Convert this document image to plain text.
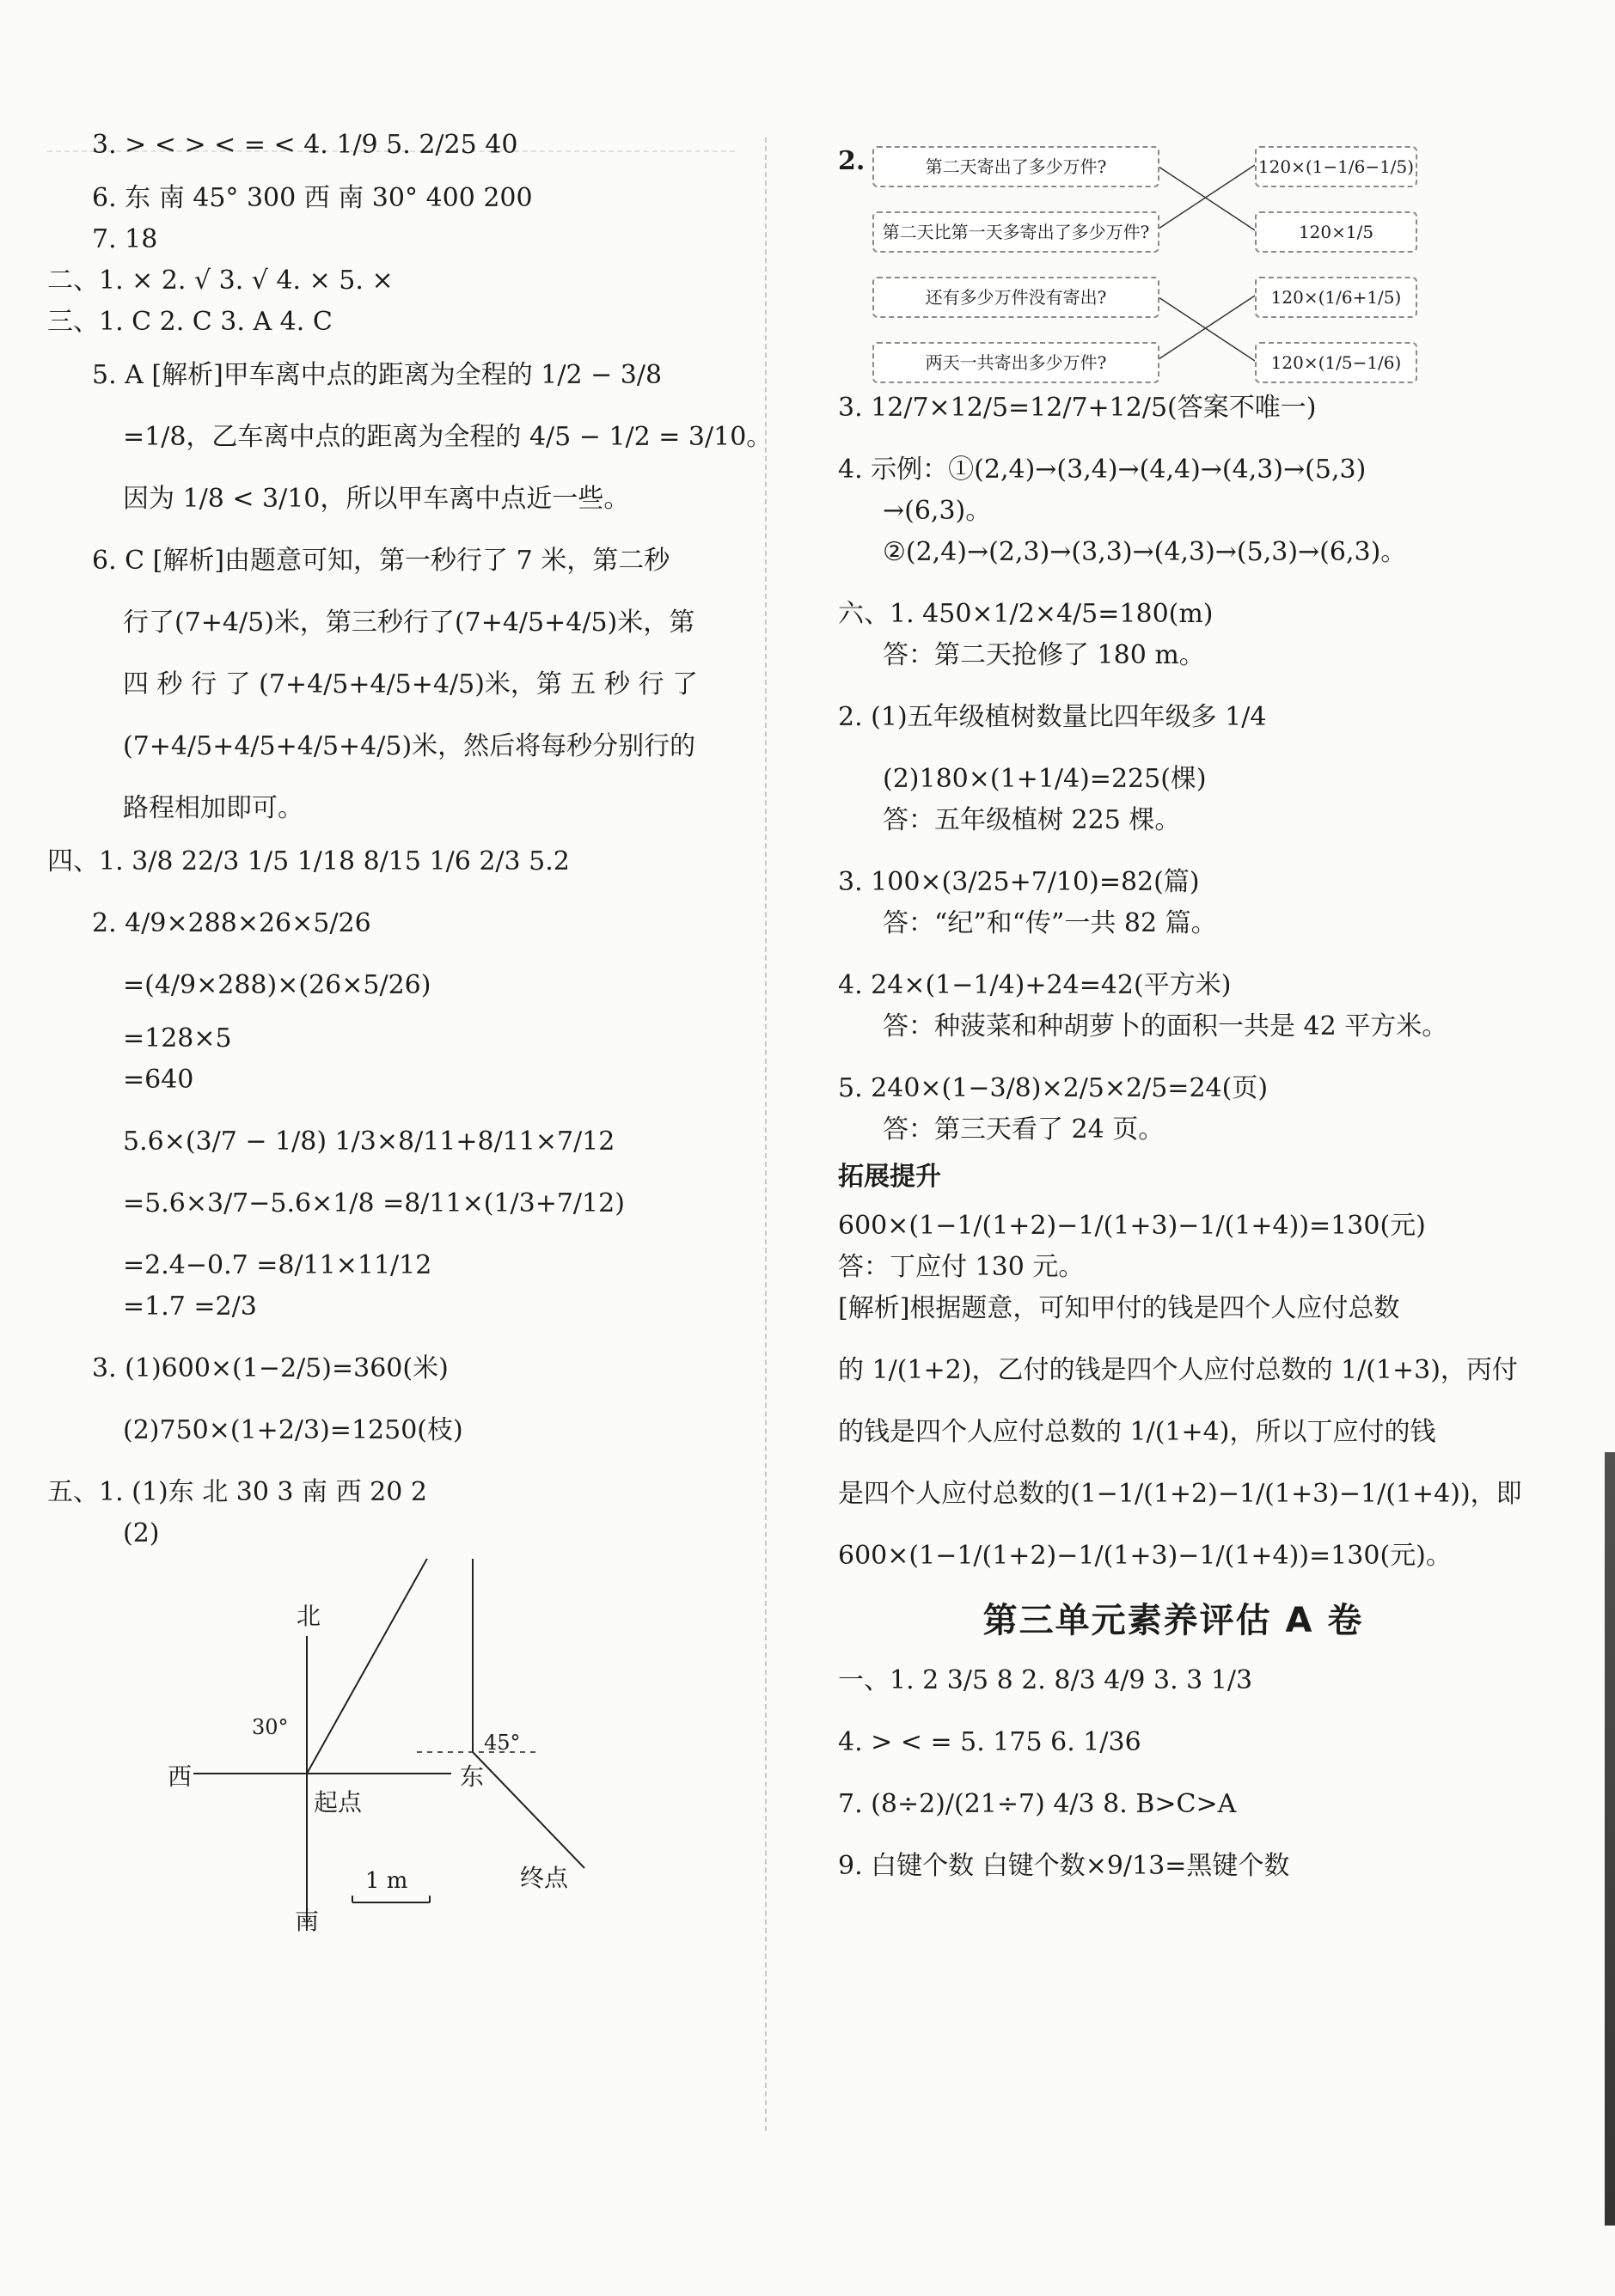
3. > < > < = < 4. 1/9 5. 2/25 40
6. 东 南 45° 300 西 南 30° 400 200
7. 18
二、1. × 2. √ 3. √ 4. × 5. ×
三、1. C 2. C 3. A 4. C
5. A [解析]甲车离中点的距离为全程的 1/2 − 3/8
=1/8，乙车离中点的距离为全程的 4/5 − 1/2 = 3/10。
因为 1/8 < 3/10，所以甲车离中点近一些。
6. C [解析]由题意可知，第一秒行了 7 米，第二秒
行了(7+4/5)米，第三秒行了(7+4/5+4/5)米，第
四 秒 行 了 (7+4/5+4/5+4/5)米，第 五 秒 行 了
(7+4/5+4/5+4/5+4/5)米，然后将每秒分别行的
路程相加即可。
四、1. 3/8 22/3 1/5 1/18 8/15 1/6 2/3 5.2
2. 4/9×288×26×5/26
=(4/9×288)×(26×5/26)
=128×5
=640
5.6×(3/7 − 1/8) 1/3×8/11+8/11×7/12
=5.6×3/7−5.6×1/8 =8/11×(1/3+7/12)
=2.4−0.7 =8/11×11/12
=1.7 =2/3
3. (1)600×(1−2/5)=360(米)
(2)750×(1+2/3)=1250(枝)
五、1. (1)东 北 30 3 南 西 20 2
(2)
北
南
西	东
起点
终点
30°
45°
1 m
2.	第二天寄出了多少万件?
第二天比第一天多寄出了多少万件?
还有多少万件没有寄出?
两天一共寄出多少万件?
120×(1−1/6−1/5)
120×1/5
120×(1/6+1/5)
120×(1/5−1/6)
3. 12/7×12/5=12/7+12/5(答案不唯一)
4. 示例：①(2,4)→(3,4)→(4,4)→(4,3)→(5,3)
→(6,3)。
②(2,4)→(2,3)→(3,3)→(4,3)→(5,3)→(6,3)。
六、1. 450×1/2×4/5=180(m)
答：第二天抢修了 180 m。
2. (1)五年级植树数量比四年级多 1/4
(2)180×(1+1/4)=225(棵)
答：五年级植树 225 棵。
3. 100×(3/25+7/10)=82(篇)
答：“纪”和“传”一共 82 篇。
4. 24×(1−1/4)+24=42(平方米)
答：种菠菜和种胡萝卜的面积一共是 42 平方米。
5. 240×(1−3/8)×2/5×2/5=24(页)
答：第三天看了 24 页。
拓展提升
600×(1−1/(1+2)−1/(1+3)−1/(1+4))=130(元)
答：丁应付 130 元。
[解析]根据题意，可知甲付的钱是四个人应付总数
的 1/(1+2)，乙付的钱是四个人应付总数的 1/(1+3)，丙付
的钱是四个人应付总数的 1/(1+4)，所以丁应付的钱
是四个人应付总数的(1−1/(1+2)−1/(1+3)−1/(1+4))，即
600×(1−1/(1+2)−1/(1+3)−1/(1+4))=130(元)。
第三单元素养评估 A 卷
一、1. 2 3/5 8 2. 8/3 4/9 3. 3 1/3
4. > < = 5. 175 6. 1/36
7. (8÷2)/(21÷7) 4/3 8. B>C>A
9. 白键个数 白键个数×9/13=黑键个数
